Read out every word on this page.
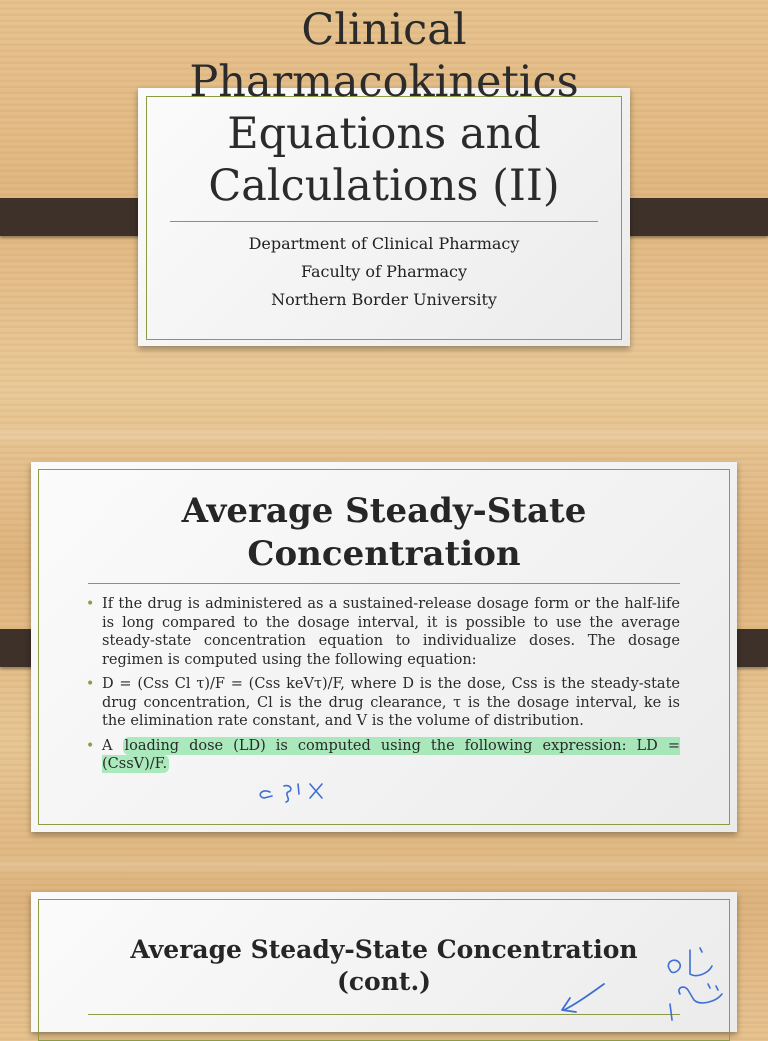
Clinical
Pharmacokinetics
Equations and
Calculations (II)
Department of Clinical Pharmacy
Faculty of Pharmacy
Northern Border University
Average Steady-State
Concentration
• If the drug is administered as a sustained-release dosage form or the half-life is long compared to the dosage interval, it is possible to use the average steady-state concentration equation to individualize doses. The dosage regimen is computed using the following equation:
• D = (Css Cl τ)/F = (Css keVτ)/F, where D is the dose, Css is the steady-state drug concentration, Cl is the drug clearance, τ is the dosage interval, ke is the elimination rate constant, and V is the volume of distribution.
• A loading dose (LD) is computed using the following expression: LD = (CssV)/F.
Average Steady-State Concentration
(cont.)
